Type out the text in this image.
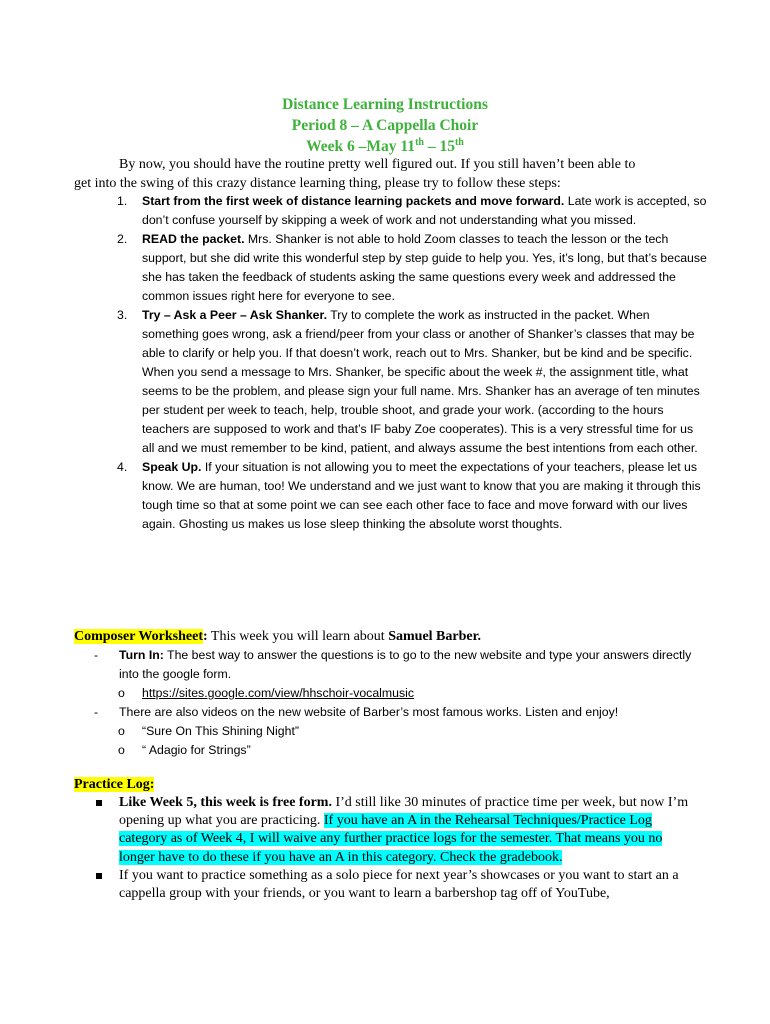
Distance Learning Instructions
Period 8 – A Cappella Choir
Week 6 –May 11th – 15th
By now, you should have the routine pretty well figured out. If you still haven’t been able to
get into the swing of this crazy distance learning thing, please try to follow these steps:
1. Start from the first week of distance learning packets and move forward. Late work is accepted, so don’t confuse yourself by skipping a week of work and not understanding what you missed.
2. READ the packet. Mrs. Shanker is not able to hold Zoom classes to teach the lesson or the tech support, but she did write this wonderful step by step guide to help you. Yes, it’s long, but that’s because she has taken the feedback of students asking the same questions every week and addressed the common issues right here for everyone to see.
3. Try – Ask a Peer – Ask Shanker. Try to complete the work as instructed in the packet. When something goes wrong, ask a friend/peer from your class or another of Shanker’s classes that may be able to clarify or help you. If that doesn’t work, reach out to Mrs. Shanker, but be kind and be specific. When you send a message to Mrs. Shanker, be specific about the week #, the assignment title, what seems to be the problem, and please sign your full name. Mrs. Shanker has an average of ten minutes per student per week to teach, help, trouble shoot, and grade your work. (according to the hours teachers are supposed to work and that’s IF baby Zoe cooperates). This is a very stressful time for us all and we must remember to be kind, patient, and always assume the best intentions from each other.
4. Speak Up. If your situation is not allowing you to meet the expectations of your teachers, please let us know. We are human, too! We understand and we just want to know that you are making it through this tough time so that at some point we can see each other face to face and move forward with our lives again. Ghosting us makes us lose sleep thinking the absolute worst thoughts.
Composer Worksheet: This week you will learn about Samuel Barber.
- Turn In: The best way to answer the questions is to go to the new website and type your answers directly into the google form.
o https://sites.google.com/view/hhschoir-vocalmusic
- There are also videos on the new website of Barber’s most famous works. Listen and enjoy!
o “Sure On This Shining Night”
o “ Adagio for Strings”
Practice Log:
Like Week 5, this week is free form. I’d still like 30 minutes of practice time per week, but now I’m opening up what you are practicing. If you have an A in the Rehearsal Techniques/Practice Log category as of Week 4, I will waive any further practice logs for the semester. That means you no longer have to do these if you have an A in this category. Check the gradebook.
If you want to practice something as a solo piece for next year’s showcases or you want to start an a cappella group with your friends, or you want to learn a barbershop tag off of YouTube,
